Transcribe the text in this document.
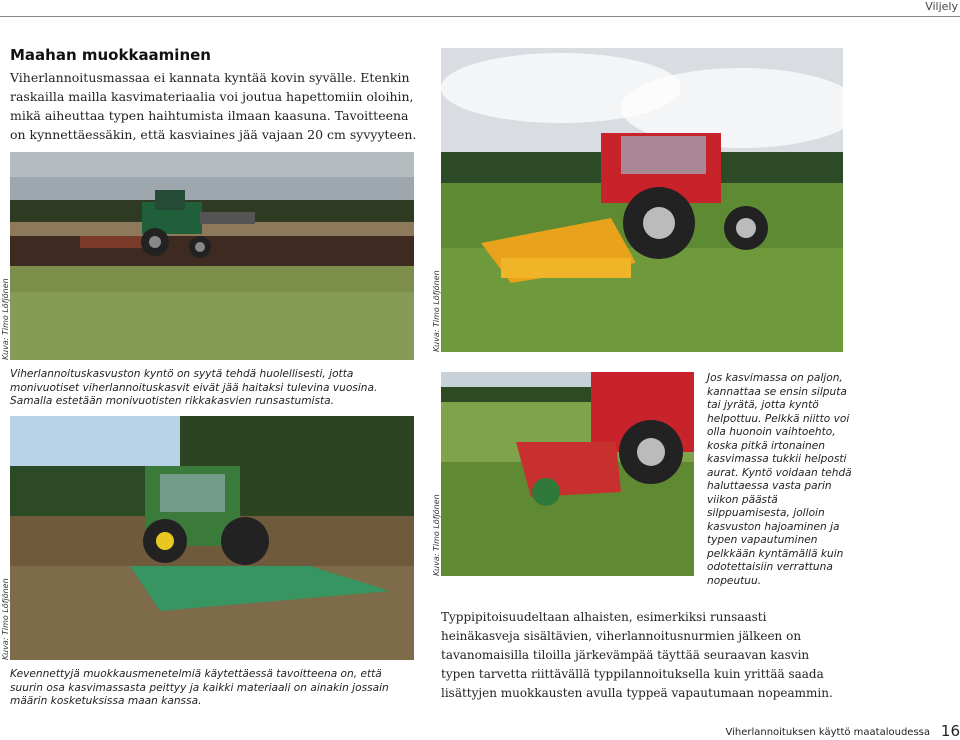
Viljely
Maahan muokkaaminen
Viherlannoitusmassaa ei kannata kyntää kovin syvälle. Etenkin raskailla mailla kasvimateriaalia voi joutua hapettomiin oloihin, mikä aiheuttaa typen haihtumista ilmaan kaasuna. Tavoitteena on kynnettäessäkin, että kasviaines jää vajaan 20 cm syvyyteen.
Kuva: Timo Löfjönen	Kuva: Timo Löfjönen
Viherlannoituskasvuston kyntö on syytä tehdä huolellisesti, jotta monivuotiset viherlannoituskasvit eivät jää haitaksi tulevina vuosina. Samalla estetään monivuotisten rikkakasvien runsastumista.
Kuva: Timo Löfjönen
Jos kasvimassa on paljon, kannattaa se ensin silputa tai jyrätä, jotta kyntö helpottuu. Pelkkä niitto voi olla huonoin vaihtoehto, koska pitkä irtonainen kasvimassa tukkii helposti aurat. Kyntö voidaan tehdä haluttaessa vasta parin viikon päästä silppuamisesta, jolloin kasvuston hajoaminen ja typen vapautuminen pelkkään kyntämällä kuin odotettaisiin verrattuna nopeutuu.
Kuva: Timo Löfjönen
Kevennettyjä muokkausmenetelmiä käytettäessä tavoitteena on, että suurin osa kasvimassasta peittyy ja kaikki materiaali on ainakin jossain määrin kosketuksissa maan kanssa.
Typpipitoisuudeltaan alhaisten, esimerkiksi runsaasti heinäkasveja sisältävien, viherlannoitusnurmien jälkeen on tavanomaisilla tiloilla järkevämpää täyttää seuraavan kasvin typen tarvetta riittävällä typpilannoituksella kuin yrittää saada lisättyjen muokkausten avulla typpeä vapautumaan nopeammin.
Viherlannoituksen käyttö maataloudessa 16
